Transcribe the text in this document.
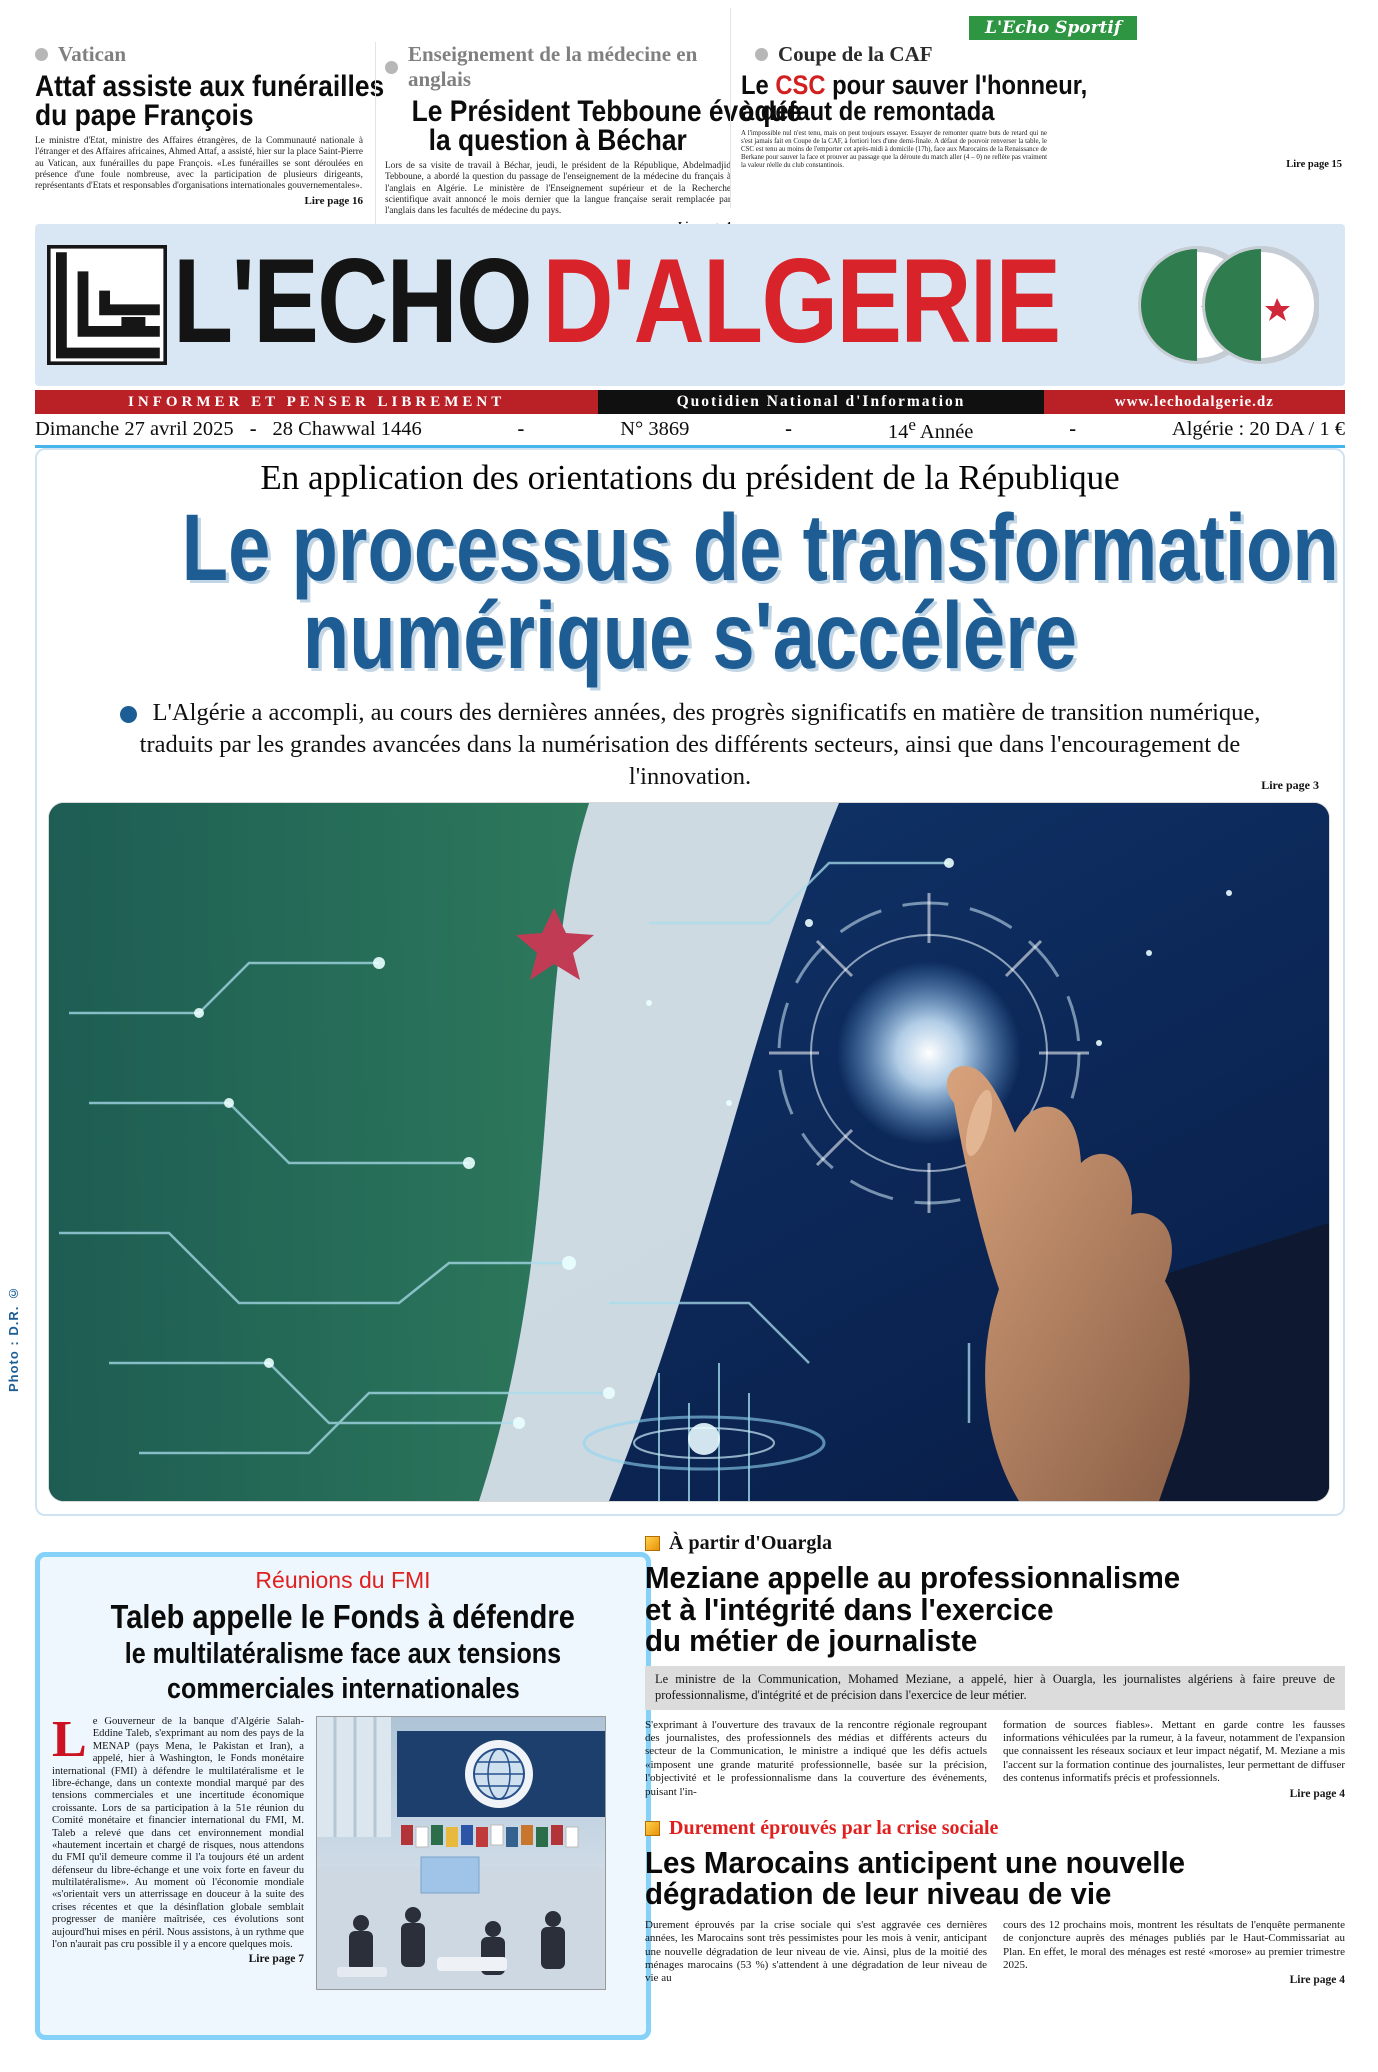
Vatican
Attaf assiste aux funérailles
du pape François
Le ministre d'Etat, ministre des Affaires étrangères, de la Communauté nationale à l'étranger et des Affaires africaines, Ahmed Attaf, a assisté, hier sur la place Saint-Pierre au Vatican, aux funérailles du pape François. «Les funérailles se sont déroulées en présence d'une foule nombreuse, avec la participation de plusieurs dirigeants, représentants d'Etats et responsables d'organisations internationales gouvernementales».
Lire page 16
Enseignement de la médecine en anglais
Le Président Tebboune évoque
la question à Béchar
Lors de sa visite de travail à Béchar, jeudi, le président de la République, Abdelmadjid Tebboune, a abordé la question du passage de l'enseignement de la médecine du français à l'anglais en Algérie. Le ministère de l'Enseignement supérieur et de la Recherche scientifique avait annoncé le mois dernier que la langue française serait remplacée par l'anglais dans les facultés de médecine du pays.
L'Echo Sportif
Coupe de la CAF
Le CSC pour sauver l'honneur,
à défaut de remontada
A l'impossible nul n'est tenu, mais on peut toujours essayer. Essayer de remonter quatre buts de retard qui ne s'est jamais fait en Coupe de la CAF, à fortiori lors d'une demi-finale. A défaut de pouvoir renverser la table, le CSC est tenu au moins de l'emporter cet après-midi à domicile (17h), face aux Marocains de la Renaissance de Berkane pour sauver la face et prouver au passage que la déroute du match aller (4 – 0) ne reflète pas vraiment la valeur réelle du club constantinois.	Lire page 15
L'ECHOD'ALGERIE
INFORMER ET PENSER LIBREMENT	Quotidien National d'Information	www.lechodalgerie.dz
Dimanche 27 avril 2025 - 28 Chawwal 1446	-	N° 3869	-	14e Année	-	Algérie : 20 DA / 1 €
En application des orientations du président de la République
Le processus de transformation
numérique s'accélère
L'Algérie a accompli, au cours des dernières années, des progrès significatifs en matière de transition numérique, traduits par les grandes avancées dans la numérisation des différents secteurs, ainsi que dans l'encouragement de l'innovation.	Lire page 3
Photo : D.R. ©
Réunions du FMI
Taleb appelle le Fonds à défendre
le multilatéralisme face aux tensions
commerciales internationales
Le Gouverneur de la banque d'Algérie Salah-Eddine Taleb, s'exprimant au nom des pays de la MENAP (pays Mena, le Pakistan et Iran), a appelé, hier à Washington, le Fonds monétaire international (FMI) à défendre le multilatéralisme et le libre-échange, dans un contexte mondial marqué par des tensions commerciales et une incertitude économique croissante. Lors de sa participation à la 51e réunion du Comité monétaire et financier international du FMI, M. Taleb a relevé que dans cet environnement mondial «hautement incertain et chargé de risques, nous attendons du FMI qu'il demeure comme il l'a toujours été un ardent défenseur du libre-échange et une voix forte en faveur du multilatéralisme». Au moment où l'économie mondiale «s'orientait vers un atterrissage en douceur à la suite des crises récentes et que la désinflation globale semblait progresser de manière maîtrisée, ces évolutions sont aujourd'hui mises en péril. Nous assistons, à un rythme que l'on n'aurait pas cru possible il y a encore quelques mois.
Lire page 7
À partir d'Ouargla
Meziane appelle au professionnalisme
et à l'intégrité dans l'exercice
du métier de journaliste
Le ministre de la Communication, Mohamed Meziane, a appelé, hier à Ouargla, les journalistes algériens à faire preuve de professionnalisme, d'intégrité et de précision dans l'exercice de leur métier.
S'exprimant à l'ouverture des travaux de la rencontre régionale regroupant des journalistes, des professionnels des médias et différents acteurs du secteur de la Communication, le ministre a indiqué que les défis actuels «imposent une grande maturité professionnelle, basée sur la précision, l'objectivité et le professionnalisme dans la couverture des événements, puisant l'in-
formation de sources fiables». Mettant en garde contre les fausses informations véhiculées par la rumeur, à la faveur, notamment de l'expansion que connaissent les réseaux sociaux et leur impact négatif, M. Meziane a mis l'accent sur la formation continue des journalistes, leur permettant de diffuser des contenus informatifs précis et professionnels.
Lire page 4
Durement éprouvés par la crise sociale
Les Marocains anticipent une nouvelle
dégradation de leur niveau de vie
Durement éprouvés par la crise sociale qui s'est aggravée ces dernières années, les Marocains sont très pessimistes pour les mois à venir, anticipant une nouvelle dégradation de leur niveau de vie. Ainsi, plus de la moitié des ménages marocains (53 %) s'attendent à une dégradation de leur niveau de vie au
cours des 12 prochains mois, montrent les résultats de l'enquête permanente de conjoncture auprès des ménages publiés par le Haut-Commissariat au Plan. En effet, le moral des ménages est resté «morose» au premier trimestre 2025.
Lire page 4
